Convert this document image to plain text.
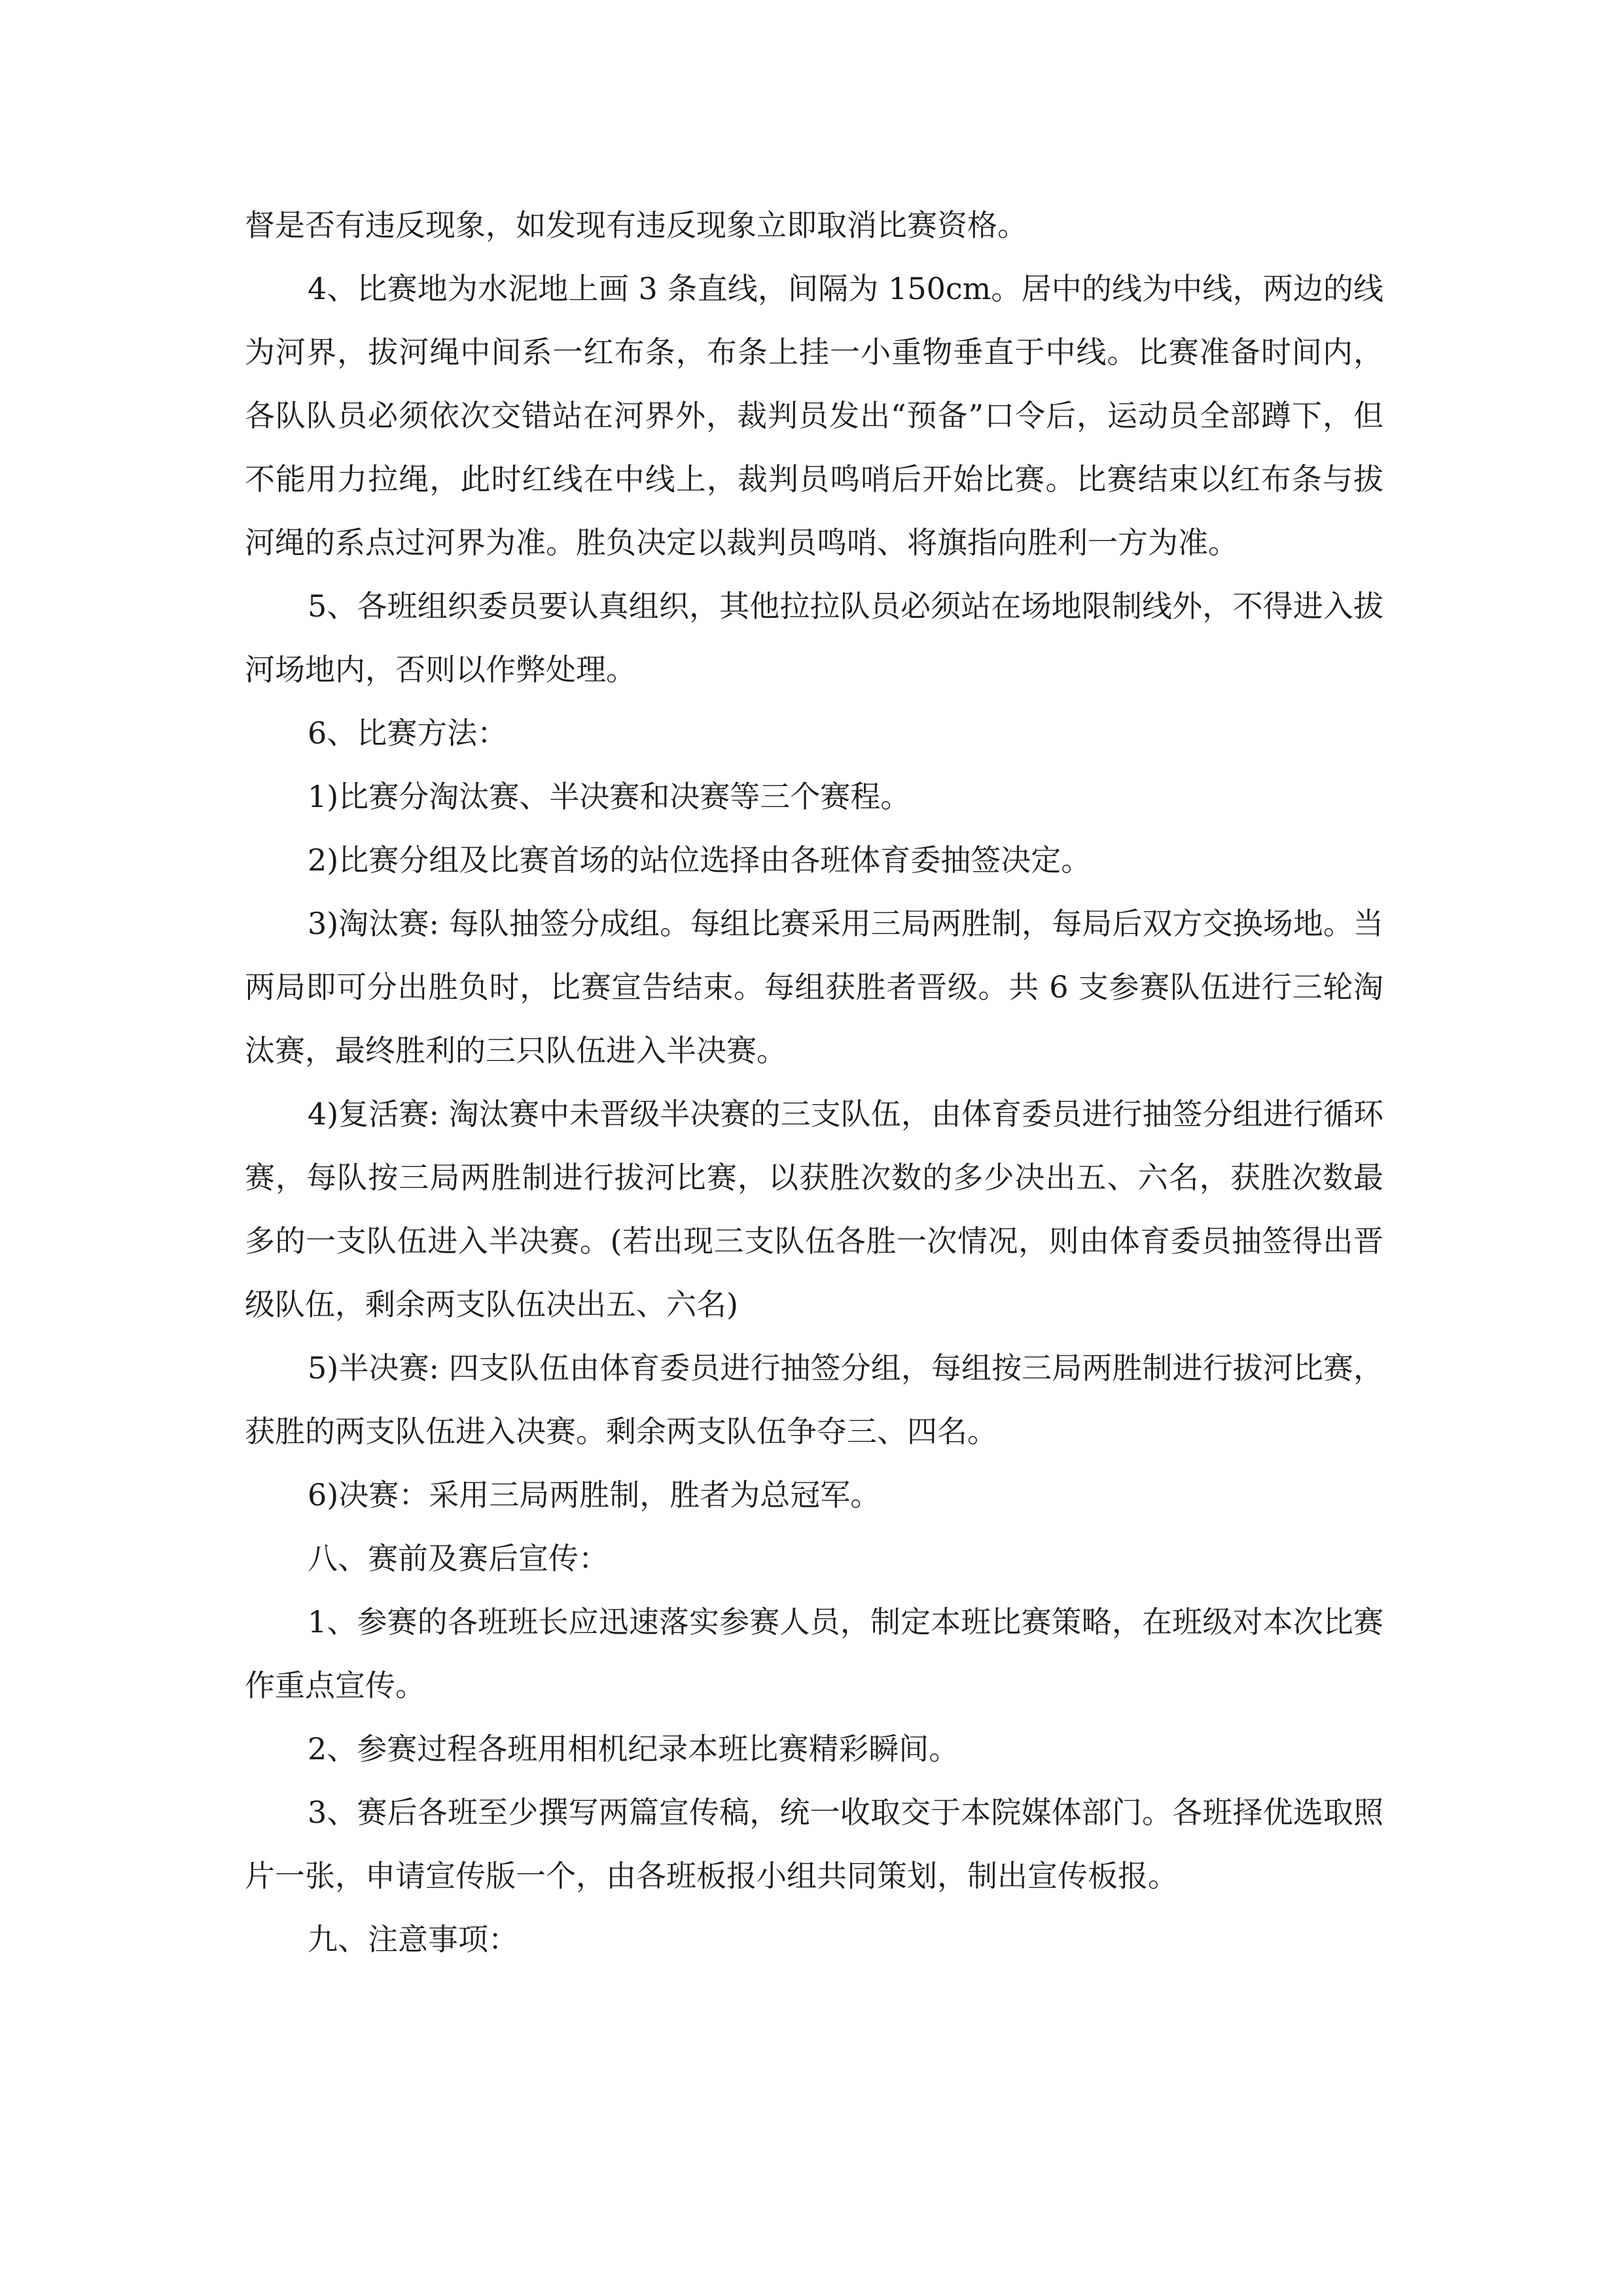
督是否有违反现象，如发现有违反现象立即取消比赛资格。

4、比赛地为水泥地上画 3 条直线，间隔为 150cm。居中的线为中线，两边的线为河界，拔河绳中间系一红布条，布条上挂一小重物垂直于中线。比赛准备时间内，各队队员必须依次交错站在河界外，裁判员发出“预备”口令后，运动员全部蹲下，但不能用力拉绳，此时红线在中线上，裁判员鸣哨后开始比赛。比赛结束以红布条与拔河绳的系点过河界为准。胜负决定以裁判员鸣哨、将旗指向胜利一方为准。

5、各班组织委员要认真组织，其他拉拉队员必须站在场地限制线外，不得进入拔河场地内，否则以作弊处理。

6、比赛方法：

1)比赛分淘汰赛、半决赛和决赛等三个赛程。

2)比赛分组及比赛首场的站位选择由各班体育委抽签决定。

3)淘汰赛: 每队抽签分成组。每组比赛采用三局两胜制，每局后双方交换场地。当两局即可分出胜负时，比赛宣告结束。每组获胜者晋级。共 6 支参赛队伍进行三轮淘汰赛，最终胜利的三只队伍进入半决赛。

4)复活赛: 淘汰赛中未晋级半决赛的三支队伍，由体育委员进行抽签分组进行循环赛，每队按三局两胜制进行拔河比赛，以获胜次数的多少决出五、六名，获胜次数最多的一支队伍进入半决赛。(若出现三支队伍各胜一次情况，则由体育委员抽签得出晋级队伍，剩余两支队伍决出五、六名)

5)半决赛: 四支队伍由体育委员进行抽签分组，每组按三局两胜制进行拔河比赛，获胜的两支队伍进入决赛。剩余两支队伍争夺三、四名。

6)决赛：采用三局两胜制，胜者为总冠军。

八、赛前及赛后宣传：

1、参赛的各班班长应迅速落实参赛人员，制定本班比赛策略，在班级对本次比赛作重点宣传。

2、参赛过程各班用相机纪录本班比赛精彩瞬间。

3、赛后各班至少撰写两篇宣传稿，统一收取交于本院媒体部门。各班择优选取照片一张，申请宣传版一个，由各班板报小组共同策划，制出宣传板报。

九、注意事项：
